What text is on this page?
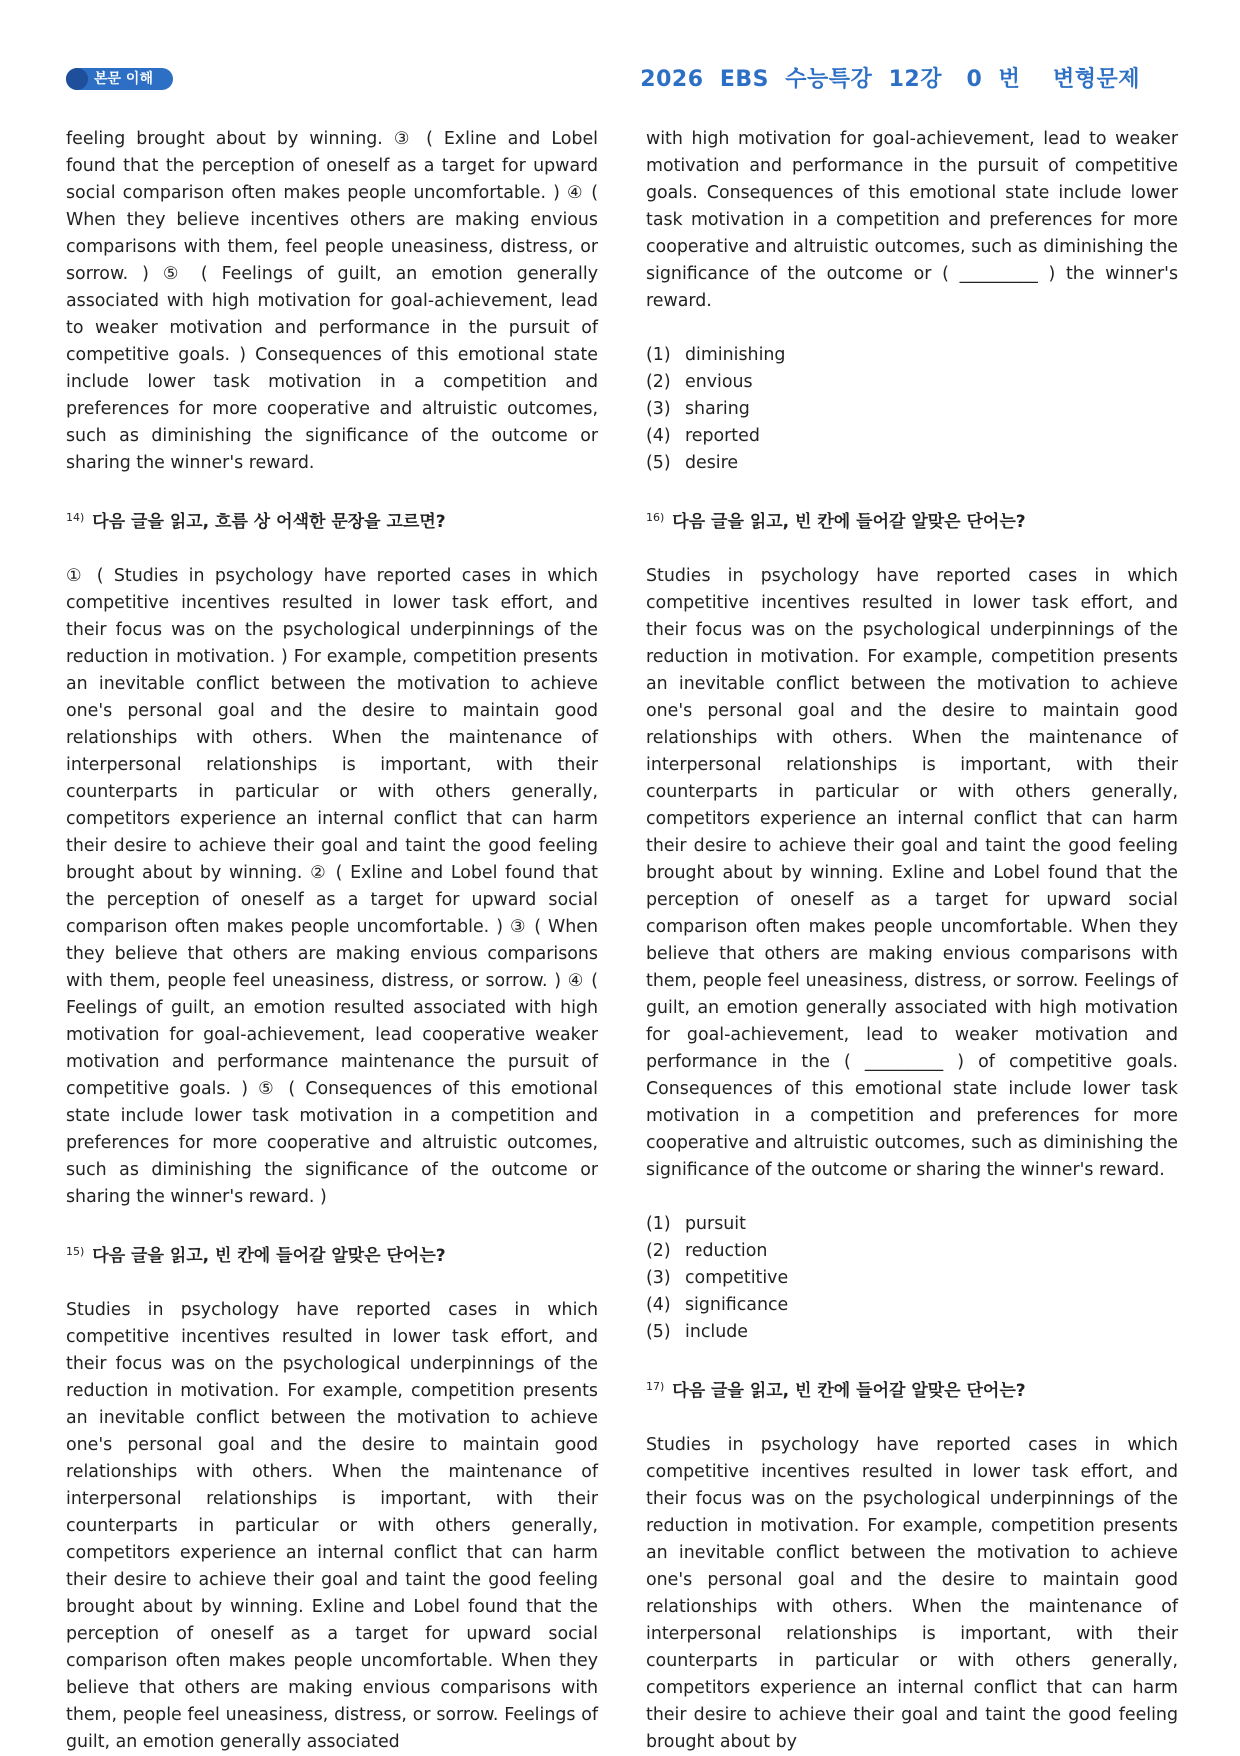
본문 이해	2026  EBS  수능특강  12강   0  번    변형문제

feeling brought about by winning. ③ ( Exline and Lobel found that the perception of oneself as a target for upward social comparison often makes people uncomfortable. ) ④ ( When they believe incentives others are making envious comparisons with them, feel people uneasiness, distress, or sorrow. ) ⑤ ( Feelings of guilt, an emotion generally associated with high motivation for goal-achievement, lead to weaker motivation and performance in the pursuit of competitive goals. ) Consequences of this emotional state include lower task motivation in a competition and preferences for more cooperative and altruistic outcomes, such as diminishing the significance of the outcome or sharing the winner's reward.

$^{14)}$ 다음 글을 읽고, 흐름 상 어색한 문장을 고르면?

① ( Studies in psychology have reported cases in which competitive incentives resulted in lower task effort, and their focus was on the psychological underpinnings of the reduction in motivation. ) For example, competition presents an inevitable conflict between the motivation to achieve one's personal goal and the desire to maintain good relationships with others. When the maintenance of interpersonal relationships is important, with their counterparts in particular or with others generally, competitors experience an internal conflict that can harm their desire to achieve their goal and taint the good feeling brought about by winning. ② ( Exline and Lobel found that the perception of oneself as a target for upward social comparison often makes people uncomfortable. ) ③ ( When they believe that others are making envious comparisons with them, people feel uneasiness, distress, or sorrow. ) ④ ( Feelings of guilt, an emotion resulted associated with high motivation for goal-achievement, lead cooperative weaker motivation and performance maintenance the pursuit of competitive goals. ) ⑤ ( Consequences of this emotional state include lower task motivation in a competition and preferences for more cooperative and altruistic outcomes, such as diminishing the significance of the outcome or sharing the winner's reward. )

$^{15)}$ 다음 글을 읽고, 빈 칸에 들어갈 알맞은 단어는?

Studies in psychology have reported cases in which competitive incentives resulted in lower task effort, and their focus was on the psychological underpinnings of the reduction in motivation. For example, competition presents an inevitable conflict between the motivation to achieve one's personal goal and the desire to maintain good relationships with others. When the maintenance of interpersonal relationships is important, with their counterparts in particular or with others generally, competitors experience an internal conflict that can harm their desire to achieve their goal and taint the good feeling brought about by winning. Exline and Lobel found that the perception of oneself as a target for upward social comparison often makes people uncomfortable. When they believe that others are making envious comparisons with them, people feel uneasiness, distress, or sorrow. Feelings of guilt, an emotion generally associated

with high motivation for goal-achievement, lead to weaker motivation and performance in the pursuit of competitive goals. Consequences of this emotional state include lower task motivation in a competition and preferences for more cooperative and altruistic outcomes, such as diminishing the significance of the outcome or ( _________ ) the winner's reward.

(1) diminishing
(2) envious
(3) sharing
(4) reported
(5) desire

$^{16)}$ 다음 글을 읽고, 빈 칸에 들어갈 알맞은 단어는?

Studies in psychology have reported cases in which competitive incentives resulted in lower task effort, and their focus was on the psychological underpinnings of the reduction in motivation. For example, competition presents an inevitable conflict between the motivation to achieve one's personal goal and the desire to maintain good relationships with others. When the maintenance of interpersonal relationships is important, with their counterparts in particular or with others generally, competitors experience an internal conflict that can harm their desire to achieve their goal and taint the good feeling brought about by winning. Exline and Lobel found that the perception of oneself as a target for upward social comparison often makes people uncomfortable. When they believe that others are making envious comparisons with them, people feel uneasiness, distress, or sorrow. Feelings of guilt, an emotion generally associated with high motivation for goal-achievement, lead to weaker motivation and performance in the ( _________ ) of competitive goals. Consequences of this emotional state include lower task motivation in a competition and preferences for more cooperative and altruistic outcomes, such as diminishing the significance of the outcome or sharing the winner's reward.

(1) pursuit
(2) reduction
(3) competitive
(4) significance
(5) include

$^{17)}$ 다음 글을 읽고, 빈 칸에 들어갈 알맞은 단어는?

Studies in psychology have reported cases in which competitive incentives resulted in lower task effort, and their focus was on the psychological underpinnings of the reduction in motivation. For example, competition presents an inevitable conflict between the motivation to achieve one's personal goal and the desire to maintain good relationships with others. When the maintenance of interpersonal relationships is important, with their counterparts in particular or with others generally, competitors experience an internal conflict that can harm their desire to achieve their goal and taint the good feeling brought about by
